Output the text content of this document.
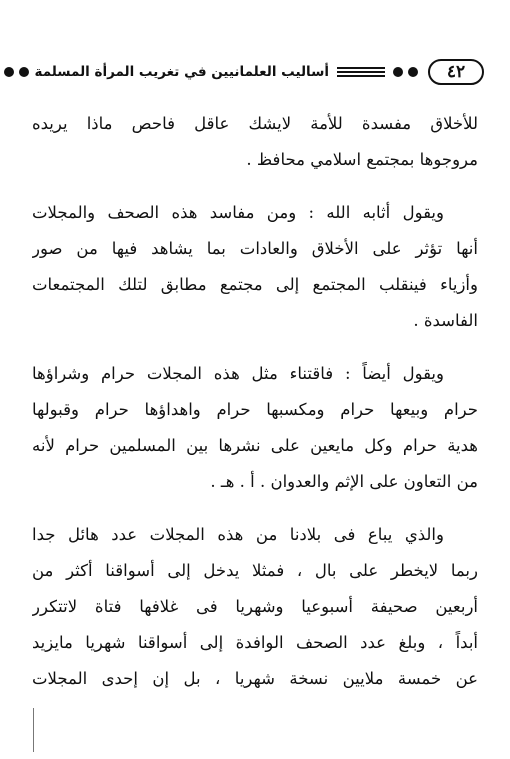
٤٢
أساليب العلمانيين في تغريب المرأة المسلمة
للأخلاق مفسدة للأمة لايشك عاقل فاحص ماذا يريده
مروجوها بمجتمع اسلامي محافظ .
ويقول أثابه الله : ومن مفاسد هذه الصحف والمجلات
أنها تؤثر على الأخلاق والعادات بما يشاهد فيها من صور
وأزياء فينقلب المجتمع إلى مجتمع مطابق لتلك المجتمعات
الفاسدة .
ويقول أيضاً : فاقتناء مثل هذه المجلات حرام وشراؤها
حرام وبيعها حرام ومكسبها حرام واهداؤها حرام وقبولها
هدية حرام وكل مايعين على نشرها بين المسلمين حرام لأنه
من التعاون على الإثم والعدوان . أ . هـ .
والذي يباع فى بلادنا من هذه المجلات عدد هائل جدا
ربما لايخطر على بال ، فمثلا يدخل إلى أسواقنا أكثر من
أربعين صحيفة أسبوعيا وشهريا فى غلافها فتاة لاتتكرر
أبداً ، وبلغ عدد الصحف الوافدة إلى أسواقنا شهريا مايزيد
عن خمسة ملايين نسخة شهريا ، بل إن إحدى المجلات
